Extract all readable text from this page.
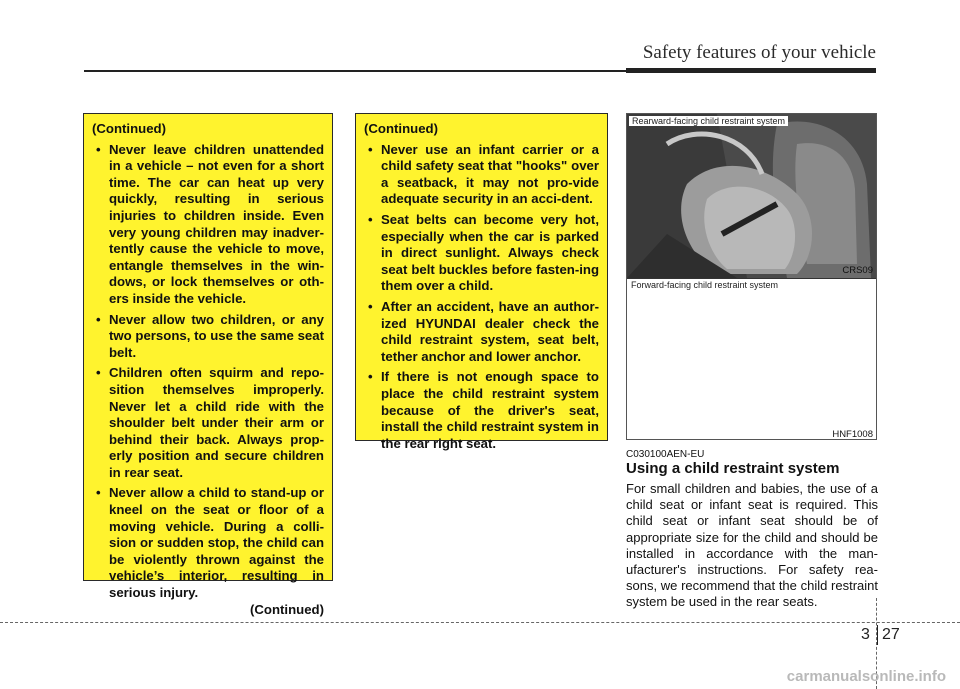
Safety features of your vehicle
(Continued)
• Never leave children unattended in a vehicle – not even for a short time. The car can heat up very quickly, resulting in serious injuries to children inside. Even very young children may inadver-tently cause the vehicle to move, entangle themselves in the win-dows, or lock themselves or oth-ers inside the vehicle.
• Never allow two children, or any two persons, to use the same seat belt.
• Children often squirm and repo-sition themselves improperly. Never let a child ride with the shoulder belt under their arm or behind their back. Always prop-erly position and secure children in rear seat.
• Never allow a child to stand-up or kneel on the seat or floor of a moving vehicle. During a colli-sion or sudden stop, the child can be violently thrown against the vehicle’s interior, resulting in serious injury.
(Continued)
(Continued)
• Never use an infant carrier or a child safety seat that "hooks" over a seatback, it may not pro-vide adequate security in an acci-dent.
• Seat belts can become very hot, especially when the car is parked in direct sunlight. Always check seat belt buckles before fasten-ing them over a child.
• After an accident, have an author-ized HYUNDAI dealer check the child restraint system, seat belt, tether anchor and lower anchor.
• If there is not enough space to place the child restraint system because of the driver's seat, install the child restraint system in the rear right seat.
Rearward-facing child restraint system
CRS09
Forward-facing child restraint system
HNF1008
C030100AEN-EU
Using a child restraint system
For small children and babies, the use of a child seat or infant seat is required. This child seat or infant seat should be of appropriate size for the child and should be installed in accordance with the man-ufacturer's instructions. For safety rea-sons, we recommend that the child restraint system be used in the rear seats.
3 27
carmanualsonline.info
